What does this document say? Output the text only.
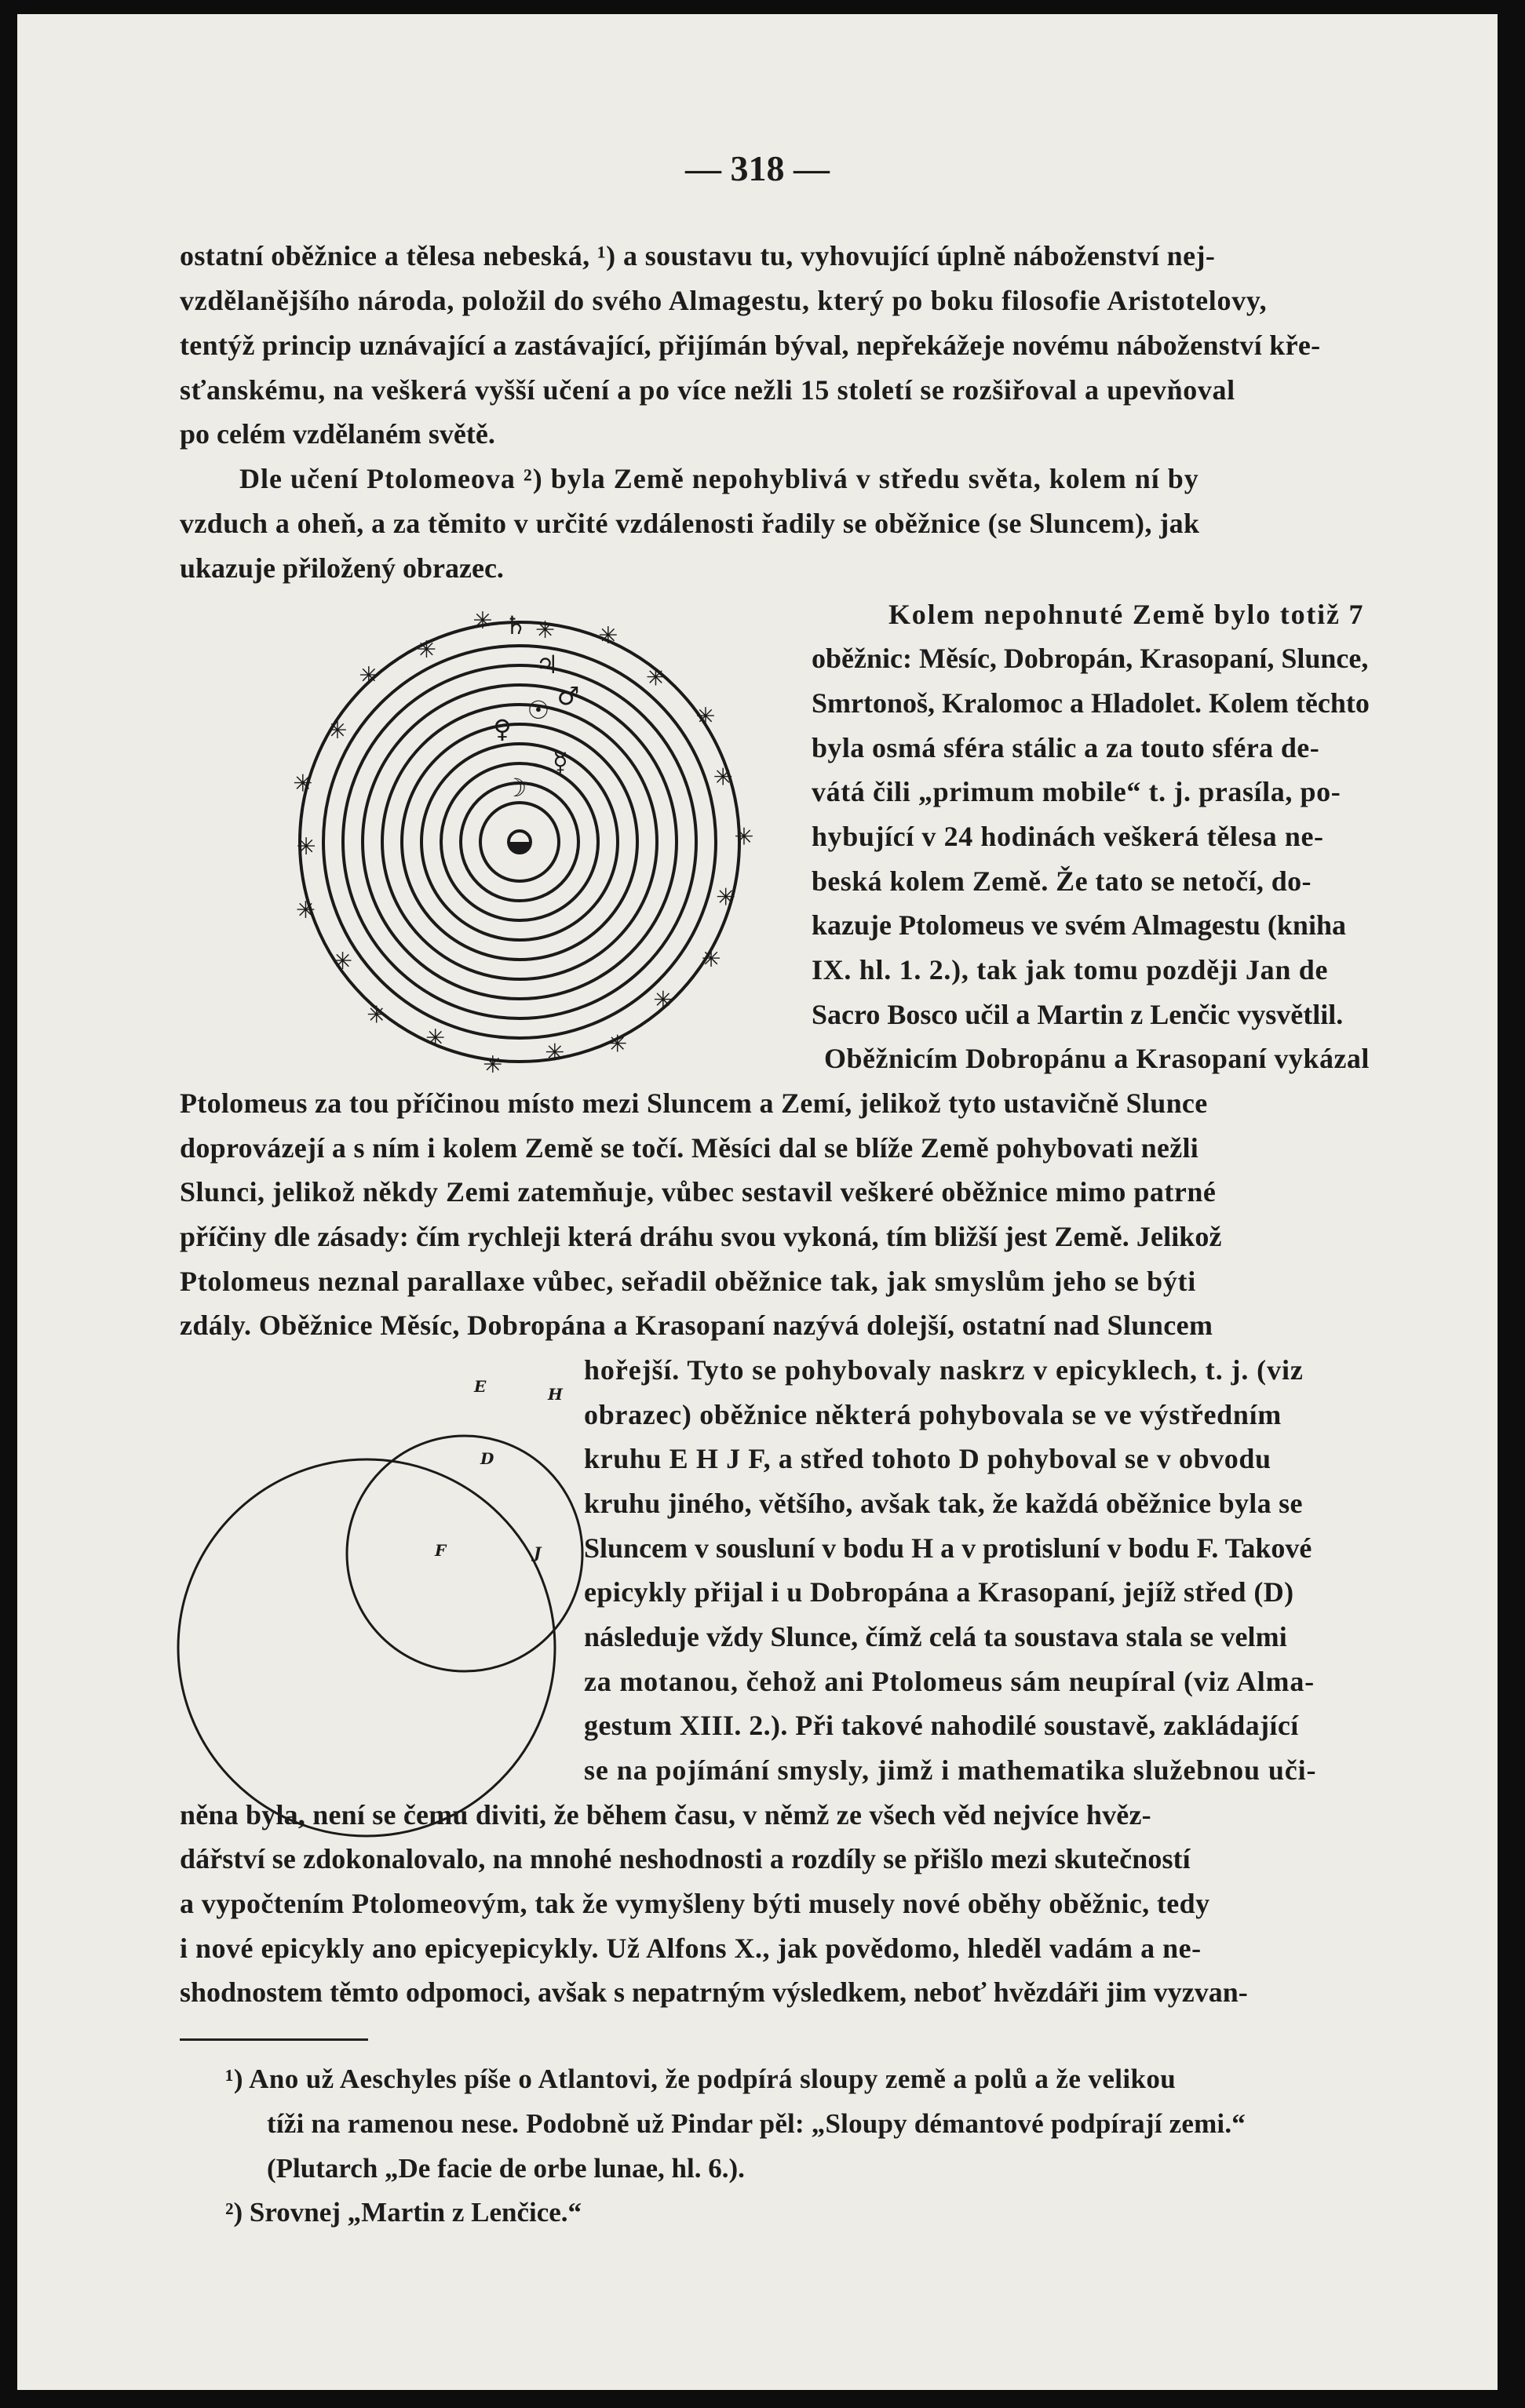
— 318 —
✳ ✳
✳
✳
✳
✳
✳
✳
✳
✳
✳
✳
✳
✳
✳
✳
✳
✳
✳
✳
✳
✳ ♄
♃
♂
☉
♀
☿
☽
E	H
D
F	J
ostatní oběžnice a tělesa nebeská, ¹) a soustavu tu, vyhovující úplně náboženství nej-
vzdělanějšího národa, položil do svého Almagestu, který po boku filosofie Aristotelovy,
tentýž princip uznávající a zastávající, přijímán býval, nepřekážeje novému náboženství kře-
sťanskému, na veškerá vyšší učení a po více nežli 15 století se rozšiřoval a upevňoval
po celém vzdělaném světě.
Dle učení Ptolomeova ²) byla Země nepohyblivá v středu světa, kolem ní by
vzduch a oheň, a za těmito v určité vzdálenosti řadily se oběžnice (se Sluncem), jak
ukazuje přiložený obrazec.
Kolem nepohnuté Země bylo totiž 7
oběžnic: Měsíc, Dobropán, Krasopaní, Slunce,
Smrtonoš, Kralomoc a Hladolet. Kolem těchto
byla osmá sféra stálic a za touto sféra de-
vátá čili „primum mobile“ t. j. prasíla, po-
hybující v 24 hodinách veškerá tělesa ne-
beská kolem Země. Že tato se netočí, do-
kazuje Ptolomeus ve svém Almagestu (kniha
IX. hl. 1. 2.), tak jak tomu později Jan de
Sacro Bosco učil a Martin z Lenčic vysvětlil.
Oběžnicím Dobropánu a Krasopaní vykázal
Ptolomeus za tou příčinou místo mezi Sluncem a Zemí, jelikož tyto ustavičně Slunce
doprovázejí a s ním i kolem Země se točí. Měsíci dal se blíže Země pohybovati nežli
Slunci, jelikož někdy Zemi zatemňuje, vůbec sestavil veškeré oběžnice mimo patrné
příčiny dle zásady: čím rychleji která dráhu svou vykoná, tím bližší jest Země. Jelikož
Ptolomeus neznal parallaxe vůbec, seřadil oběžnice tak, jak smyslům jeho se býti
zdály. Oběžnice Měsíc, Dobropána a Krasopaní nazývá dolejší, ostatní nad Sluncem
hořejší. Tyto se pohybovaly naskrz v epicyklech, t. j. (viz
obrazec) oběžnice některá pohybovala se ve výstředním
kruhu E H J F, a střed tohoto D pohyboval se v obvodu
kruhu jiného, většího, avšak tak, že každá oběžnice byla se
Sluncem v sousluní v bodu H a v protisluní v bodu F. Takové
epicykly přijal i u Dobropána a Krasopaní, jejíž střed (D)
následuje vždy Slunce, čímž celá ta soustava stala se velmi
za motanou, čehož ani Ptolomeus sám neupíral (viz Alma-
gestum XIII. 2.). Při takové nahodilé soustavě, zakládající
se na pojímání smysly, jimž i mathematika služebnou uči-
něna byla, není se čemu diviti, že během času, v němž ze všech věd nejvíce hvěz-
dářství se zdokonalovalo, na mnohé neshodnosti a rozdíly se přišlo mezi skutečností
a vypočtením Ptolomeovým, tak že vymyšleny býti musely nové oběhy oběžnic, tedy
i nové epicykly ano epicyepicykly. Už Alfons X., jak povědomo, hleděl vadám a ne-
shodnostem těmto odpomoci, avšak s nepatrným výsledkem, neboť hvězdáři jim vyzvan-
¹) Ano už Aeschyles píše o Atlantovi, že podpírá sloupy země a polů a že velikou
tíži na ramenou nese. Podobně už Pindar pěl: „Sloupy démantové podpírají zemi.“
(Plutarch „De facie de orbe lunae, hl. 6.).
²) Srovnej „Martin z Lenčice.“
